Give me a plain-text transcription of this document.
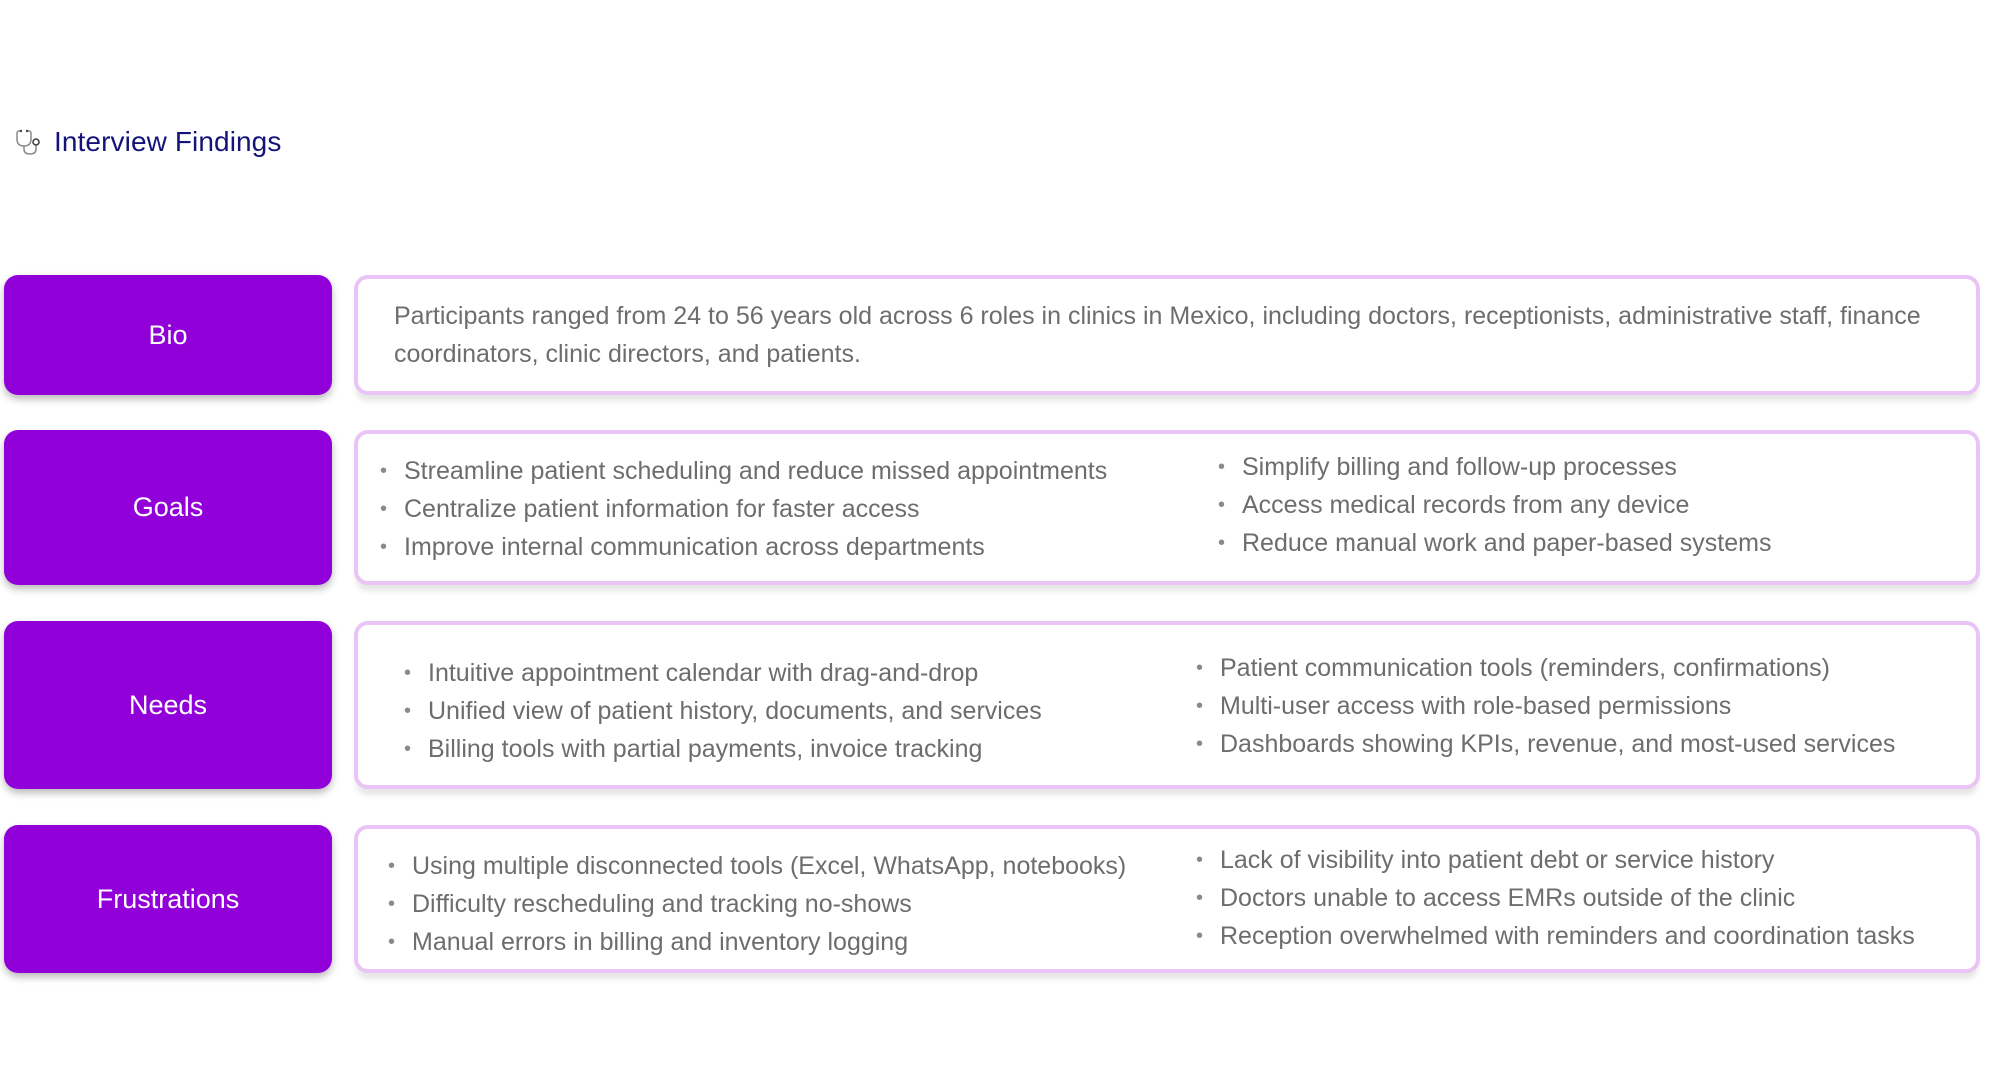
Interview Findings
Bio

Participants ranged from 24 to 56 years old across 6 roles in clinics in Mexico, including doctors, receptionists, administrative staff, finance coordinators, clinic directors, and patients.

Goals
• Streamline patient scheduling and reduce missed appointments
• Centralize patient information for faster access
• Improve internal communication across departments
• Simplify billing and follow-up processes
• Access medical records from any device
• Reduce manual work and paper-based systems
Needs
• Intuitive appointment calendar with drag-and-drop
• Unified view of patient history, documents, and services
• Billing tools with partial payments, invoice tracking
• Patient communication tools (reminders, confirmations)
• Multi-user access with role-based permissions
• Dashboards showing KPIs, revenue, and most-used services
Frustrations
• Using multiple disconnected tools (Excel, WhatsApp, notebooks)
• Difficulty rescheduling and tracking no-shows
• Manual errors in billing and inventory logging
• Lack of visibility into patient debt or service history
• Doctors unable to access EMRs outside of the clinic
• Reception overwhelmed with reminders and coordination tasks
